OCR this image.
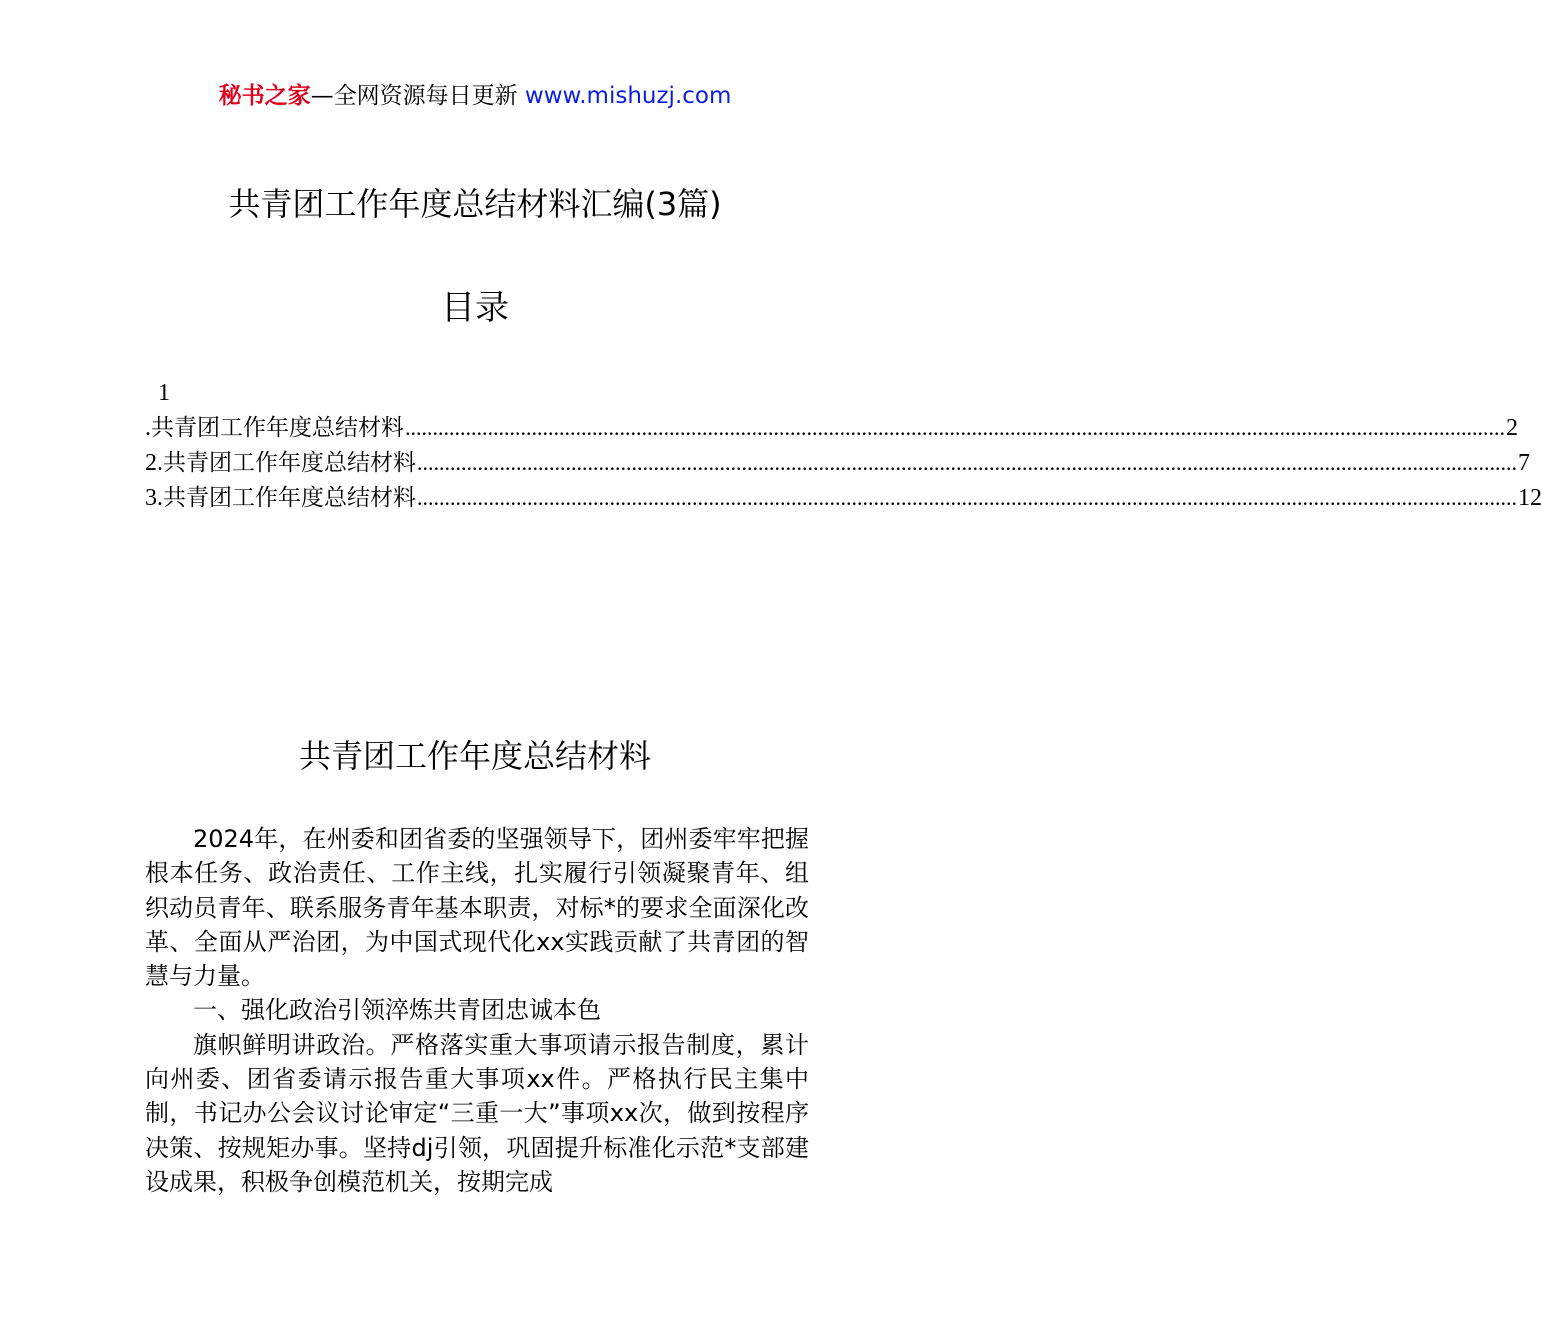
秘书之家—全网资源每日更新 www.mishuzj.com
共青团工作年度总结材料汇编(3篇)
目录
1
. 共青团工作年度总结材料 ........................................................................................................................................................................................................ 2
2. 共青团工作年度总结材料 ........................................................................................................................................................................................................ 7
3. 共青团工作年度总结材料 ........................................................................................................................................................................................................ 12
共青团工作年度总结材料

2024年，在州委和团省委的坚强领导下，团州委牢牢把握根本任务、政治责任、工作主线，扎实履行引领凝聚青年、组织动员青年、联系服务青年基本职责，对标*的要求全面深化改革、全面从严治团，为中国式现代化xx实践贡献了共青团的智慧与力量。

一、强化政治引领淬炼共青团忠诚本色

旗帜鲜明讲政治。严格落实重大事项请示报告制度，累计向州委、团省委请示报告重大事项xx件。严格执行民主集中制，书记办公会议讨论审定“三重一大”事项xx次，做到按程序决策、按规矩办事。坚持dj引领，巩固提升标准化示范*支部建设成果，积极争创模范机关，按期完成
